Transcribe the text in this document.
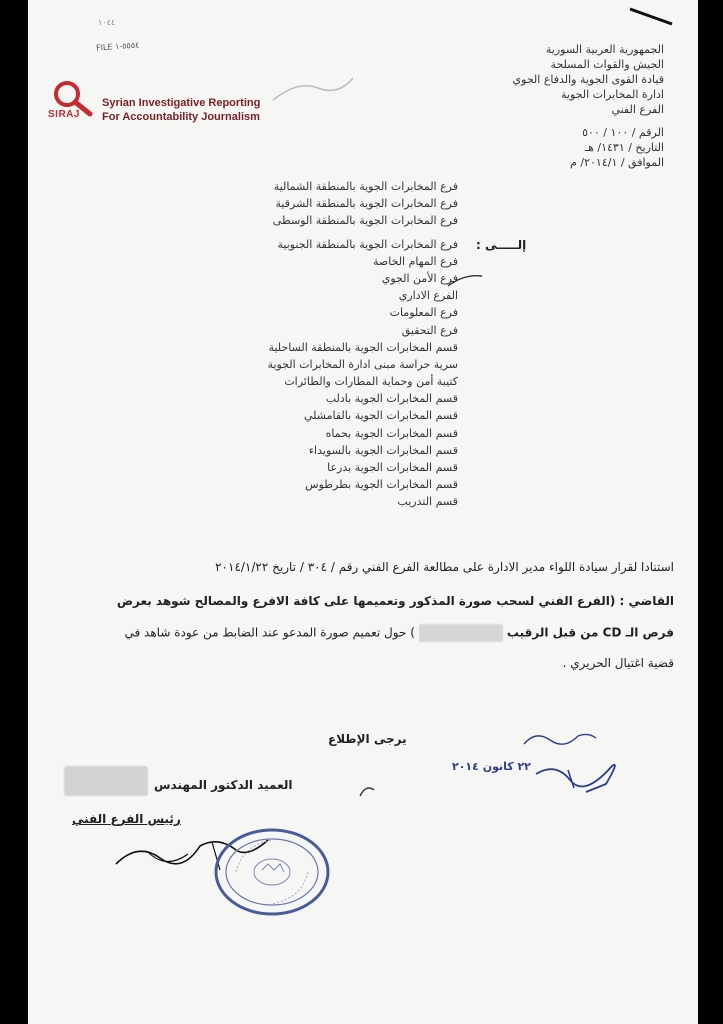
١٠٤٤
FILE ٥٥٥٤-١
SIRAJ
Syrian Investigative Reporting
For Accountability Journalism
الجمهورية العربية السورية
الجيش والقوات المسلحة
قيادة القوى الجوية والدفاع الجوي
ادارة المخابرات الجوية
الفرع الفني
الرقم / ١٠٠ / ٥٠٠
التاريخ / ١٤٣١/ هـ
الموافق / ٢٠١٤/١/ م
إلـــــى :
فرع المخابرات الجوية بالمنطقة الشمالية
فرع المخابرات الجوية بالمنطقة الشرقية
فرع المخابرات الجوية بالمنطقة الوسطى
فرع المخابرات الجوية بالمنطقة الجنوبية
فرع المهام الخاصة
فرع الأمن الجوي
الفرع الاداري
فرع المعلومات
فرع التحقيق
قسم المخابرات الجوية بالمنطقة الساحلية
سرية حراسة مبنى ادارة المخابرات الجوية
كتيبة أمن وحماية المطارات والطائرات
قسم المخابرات الجوية بادلب
قسم المخابرات الجوية بالقامشلي
قسم المخابرات الجوية بحماه
قسم المخابرات الجوية بالسويداء
قسم المخابرات الجوية بدرعا
قسم المخابرات الجوية بطرطوس
قسم التدريب
استنادا لقرار سيادة اللواء مدير الادارة على مطالعة الفرع الفني رقم / ٣٠٤ / تاريخ ٢٠١٤/١/٢٢
القاضي : (الفرع الفني لسحب صورة المذكور وتعميمها على كافة الافرع والمصالح شوهد بعرض
فرص الـ CD من قبل الرقيب) حول تعميم صورة المدعو عند الضابط من عودة شاهد في
قضية اغتيال الحريري .
يرجى الإطلاع
٢٢ كانون ٢٠١٤
العميد الدكتور المهندس
رئيس الفرع الفني
